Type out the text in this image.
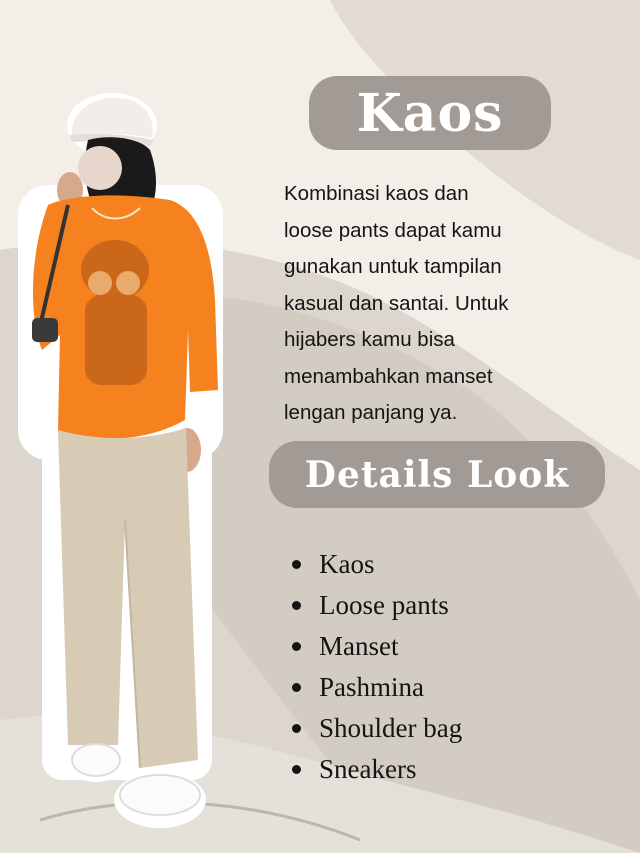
Kaos

Kombinasi kaos dan
loose pants dapat kamu
gunakan untuk tampilan
kasual dan santai. Untuk
hijabers kamu bisa
menambahkan manset
lengan panjang ya.

Details Look
Kaos
Loose pants
Manset
Pashmina
Shoulder bag
Sneakers
